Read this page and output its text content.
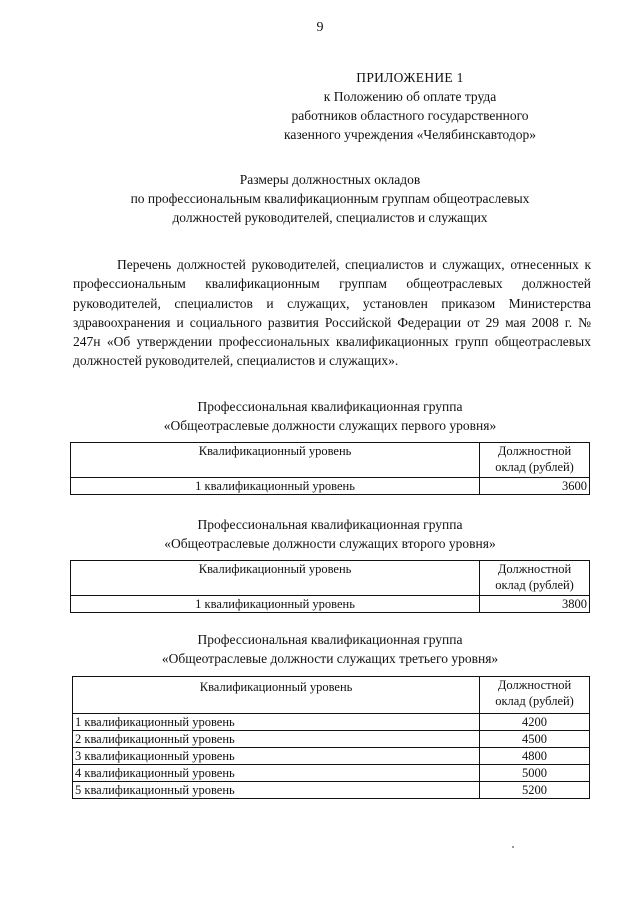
9
ПРИЛОЖЕНИЕ 1
к Положению об оплате труда
работников областного государственного
казенного учреждения «Челябинскавтодор»
Размеры должностных окладов
по профессиональным квалификационным группам общеотраслевых
должностей руководителей, специалистов и служащих

Перечень должностей руководителей, специалистов и служащих, отнесенных к профессиональным квалификационным группам общеотраслевых должностей руководителей, специалистов и служащих, установлен приказом Министерства здравоохранения и социального развития Российской Федерации от 29 мая 2008 г. № 247н «Об утверждении профессиональных квалификационных групп общеотраслевых должностей руководителей, специалистов и служащих».

Профессиональная квалификационная группа
«Общеотраслевые должности служащих первого уровня»
Квалификационный уровень	Должностной
оклад (рублей)

1 квалификационный уровень	3600
Профессиональная квалификационная группа
«Общеотраслевые должности служащих второго уровня»
Квалификационный уровень	Должностной
оклад (рублей)

1 квалификационный уровень	3800
Профессиональная квалификационная группа
«Общеотраслевые должности служащих третьего уровня»
Квалификационный уровень	Должностной
оклад (рублей)

1 квалификационный уровень	4200
2 квалификационный уровень	4500
3 квалификационный уровень	4800
4 квалификационный уровень	5000
5 квалификационный уровень	5200
